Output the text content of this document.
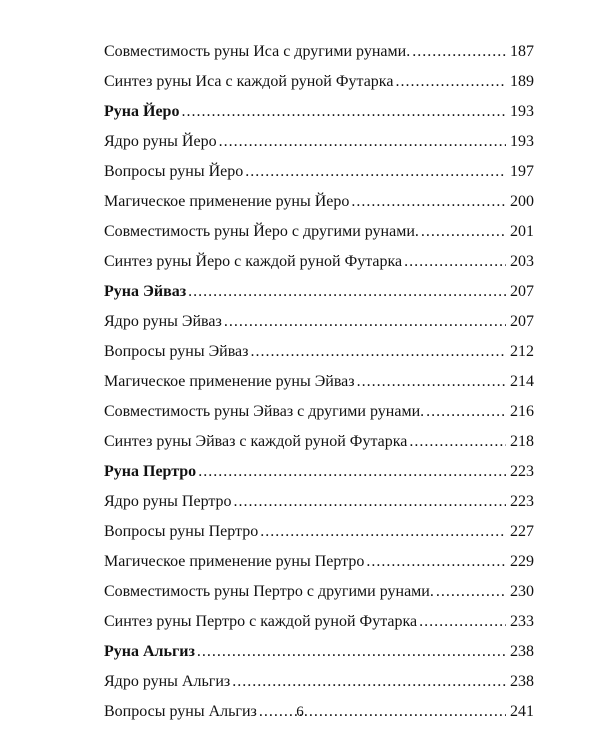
Совместимость руны Иса с другими рунами. .....	187
Синтез руны Иса с каждой руной Футарка .....	189
Руна Йеро .....	193
Ядро руны Йеро .....	193
Вопросы руны Йеро .....	197
Магическое применение руны Йеро .....	200
Совместимость руны Йеро с другими рунами. .....	201
Синтез руны Йеро с каждой руной Футарка .....	203
Руна Эйваз .....	207
Ядро руны Эйваз .....	207
Вопросы руны Эйваз .....	212
Магическое применение руны Эйваз .....	214
Совместимость руны Эйваз с другими рунами. .....	216
Синтез руны Эйваз с каждой руной Футарка .....	218
Руна Пертро .....	223
Ядро руны Пертро .....	223
Вопросы руны Пертро .....	227
Магическое применение руны Пертро .....	229
Совместимость руны Пертро с другими рунами. .....	230
Синтез руны Пертро с каждой руной Футарка .....	233
Руна Альгиз .....	238
Ядро руны Альгиз .....	238
Вопросы руны Альгиз .....	241
6
